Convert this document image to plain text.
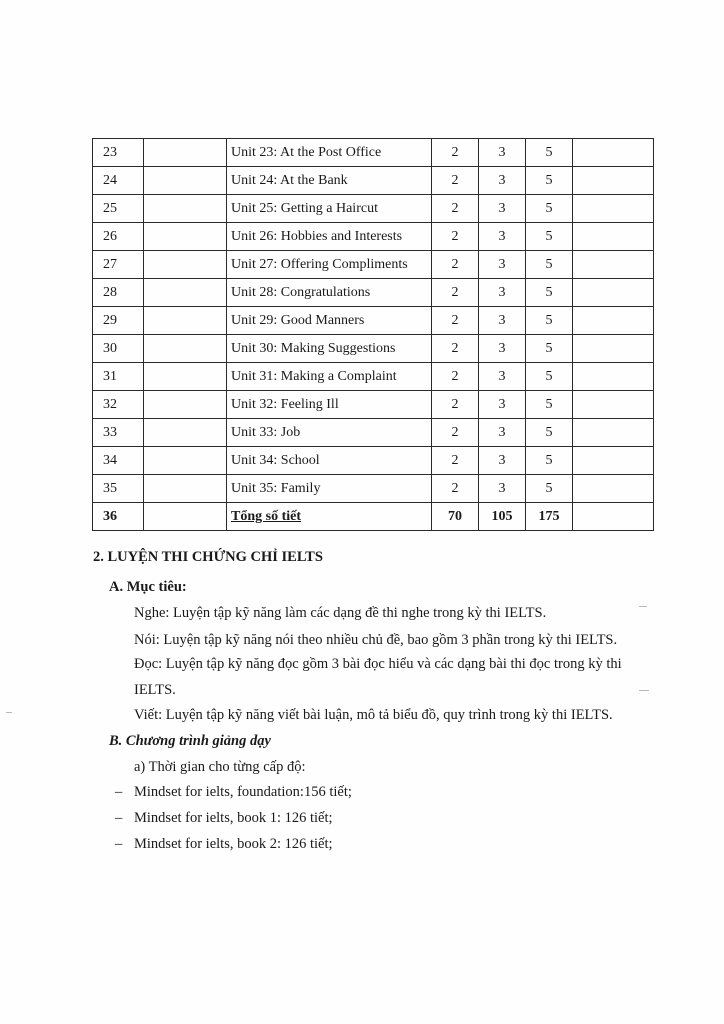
23		Unit 23: At the Post Office	2	3	5	
24		Unit 24: At the Bank	2	3	5	
25		Unit 25: Getting a Haircut	2	3	5	
26		Unit 26: Hobbies and Interests	2	3	5	
27		Unit 27: Offering Compliments	2	3	5	
28		Unit 28: Congratulations	2	3	5	
29		Unit 29: Good Manners	2	3	5	
30		Unit 30: Making Suggestions	2	3	5	
31		Unit 31: Making a Complaint	2	3	5	
32		Unit 32: Feeling Ill	2	3	5	
33		Unit 33: Job	2	3	5	
34		Unit 34: School	2	3	5	
35		Unit 35: Family	2	3	5	
36		Tổng số tiết	70	105	175	
2. LUYỆN THI CHỨNG CHỈ IELTS
A. Mục tiêu:
Nghe: Luyện tập kỹ năng làm các dạng đề thi nghe trong kỳ thi IELTS.
Nói: Luyện tập kỹ năng nói theo nhiều chủ đề, bao gồm 3 phần trong kỳ thi IELTS.
Đọc: Luyện tập kỹ năng đọc gồm 3 bài đọc hiểu và các dạng bài thi đọc trong kỳ thi
IELTS.
Viết: Luyện tập kỹ năng viết bài luận, mô tả biểu đồ, quy trình trong kỳ thi IELTS.
B. Chương trình giảng dạy
a) Thời gian cho từng cấp độ:
– Mindset for ielts, foundation:156 tiết;
– Mindset for ielts, book 1: 126 tiết;
– Mindset for ielts, book 2: 126 tiết;
